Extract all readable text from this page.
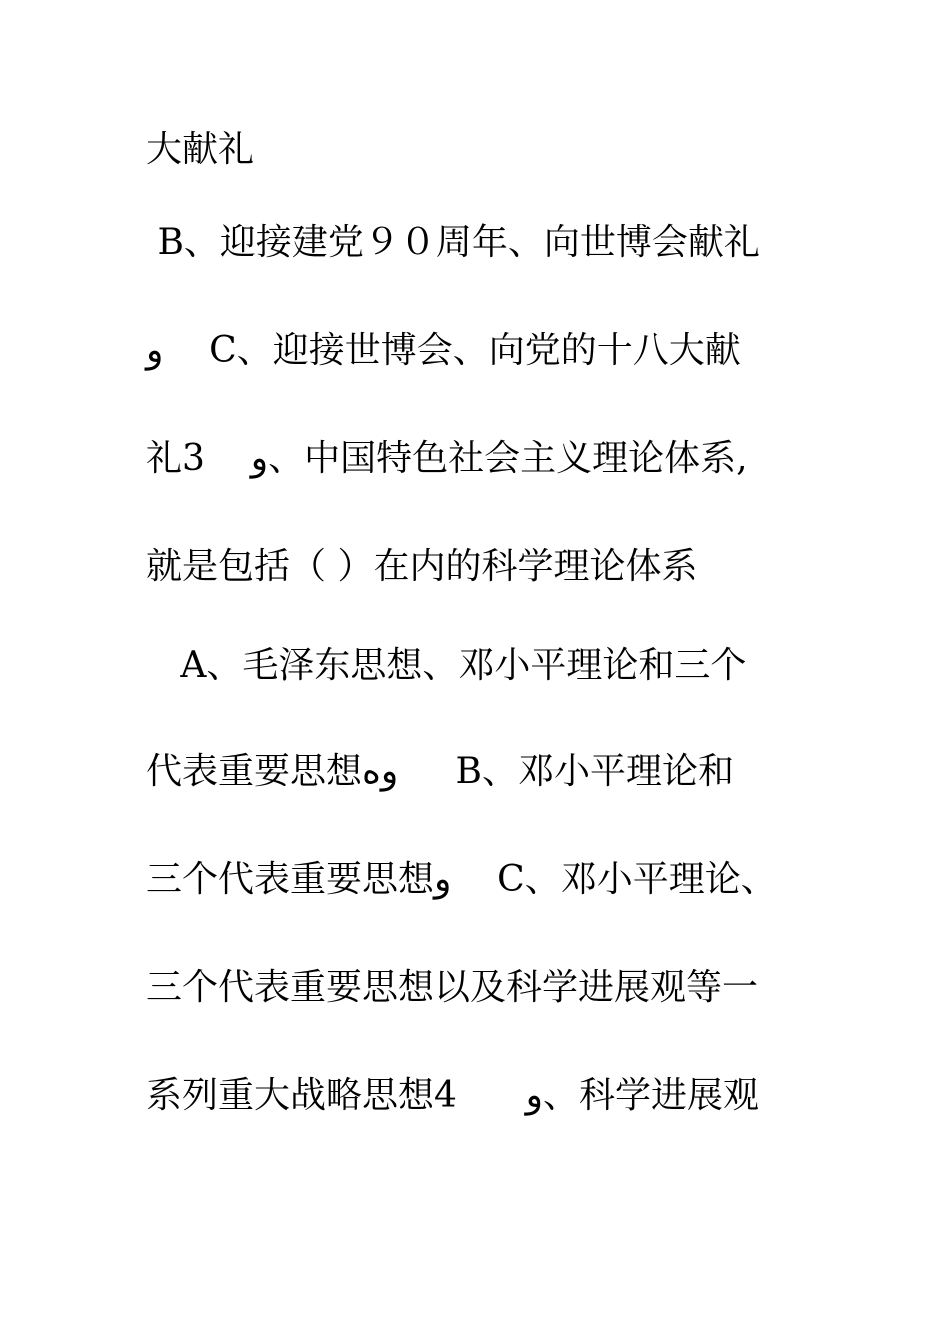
大献礼
B、迎接建党９０周年、向世博会献礼
و    C、迎接世博会、向党的十八大献
礼3    و、中国特色社会主义理论体系,
就是包括（ ）在内的科学理论体系
A、毛泽东思想、邓小平理论和三个
代表重要思想وه     B、邓小平理论和
三个代表重要思想و    C、邓小平理论、
三个代表重要思想以及科学进展观等一
系列重大战略思想4      و、科学进展观
